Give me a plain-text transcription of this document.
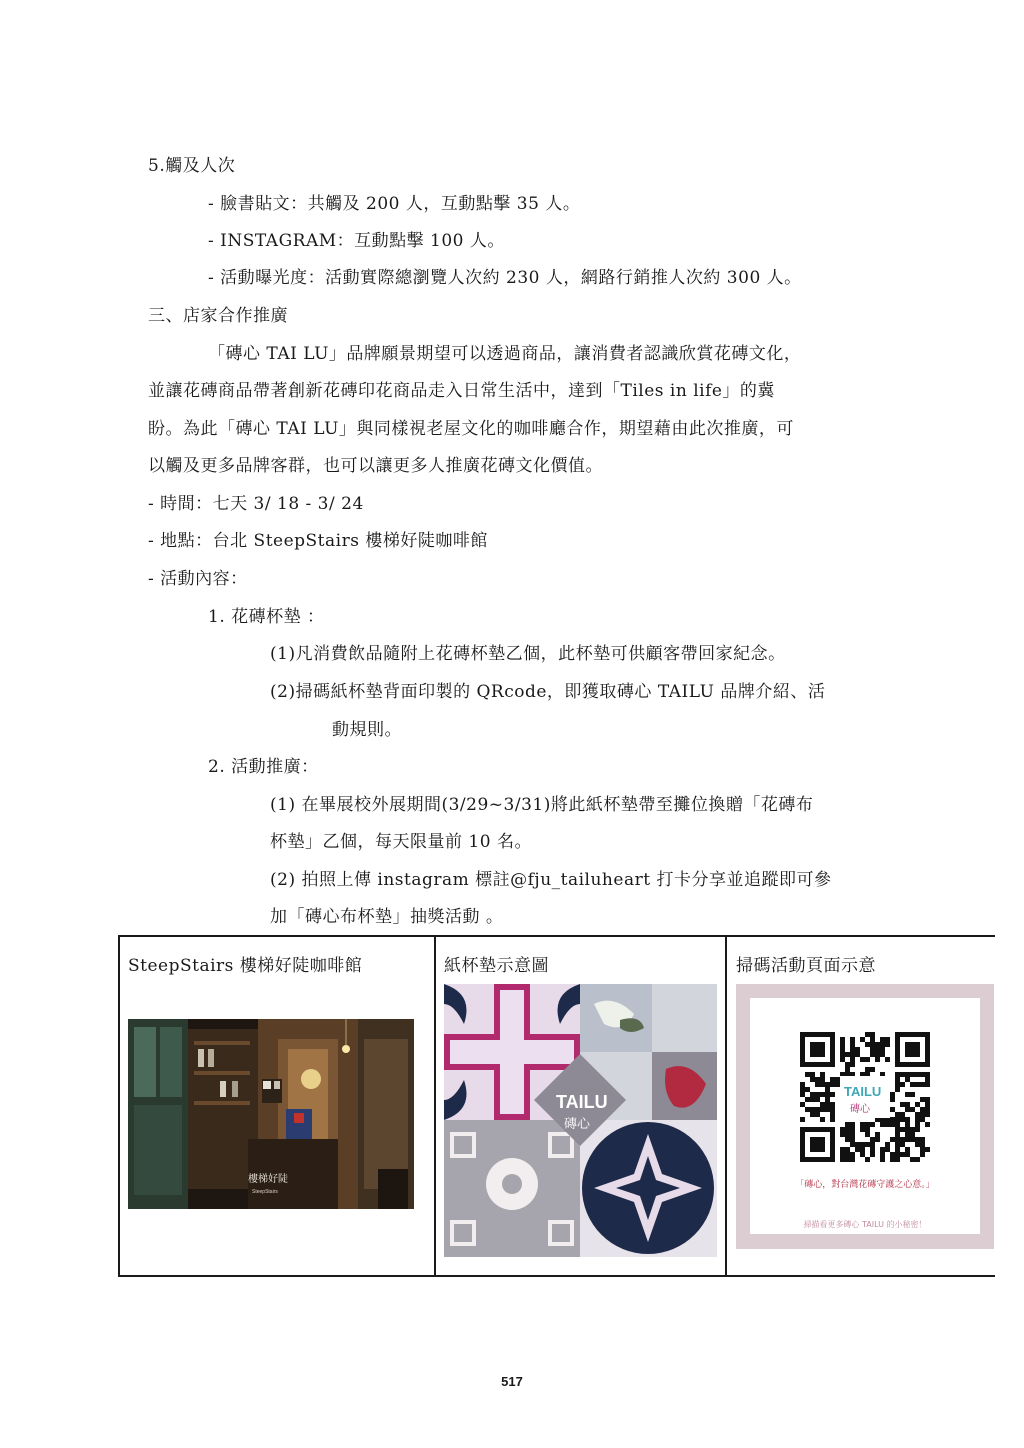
5.觸及人次
- 臉書貼文：共觸及 200 人，互動點擊 35 人。
- INSTAGRAM：互動點擊 100 人。
- 活動曝光度：活動實際總瀏覽人次約 230 人，網路行銷推人次約 300 人。
三、店家合作推廣
「磚心 TAI LU」品牌願景期望可以透過商品，讓消費者認識欣賞花磚文化，
並讓花磚商品帶著創新花磚印花商品走入日常生活中，達到「Tiles in life」的冀
盼。為此「磚心 TAI LU」與同樣視老屋文化的咖啡廳合作，期望藉由此次推廣，可
以觸及更多品牌客群，也可以讓更多人推廣花磚文化價值。
- 時間：七天 3/ 18 - 3/ 24
- 地點：台北 SteepStairs 樓梯好陡咖啡館
- 活動內容：
1. 花磚杯墊 ：
(1)凡消費飲品隨附上花磚杯墊乙個，此杯墊可供顧客帶回家紀念。
(2)掃碼紙杯墊背面印製的 QRcode，即獲取磚心 TAILU 品牌介紹、活
動規則。
2. 活動推廣：
(1) 在畢展校外展期間(3/29~3/31)將此紙杯墊帶至攤位換贈「花磚布
杯墊」乙個，每天限量前 10 名。
(2) 拍照上傳 instagram 標註@fju_tailuheart 打卡分享並追蹤即可參
加「磚心布杯墊」抽獎活動 。
SteepStairs 樓梯好陡咖啡館
樓梯好陡
SteepStairs

紙杯墊示意圖
TAILU
磚心

掃碼活動頁面示意
TAILU
磚心
「磚心，對台灣花磚守護之心意。」
掃描看更多磚心 TAILU 的小秘密！
517
